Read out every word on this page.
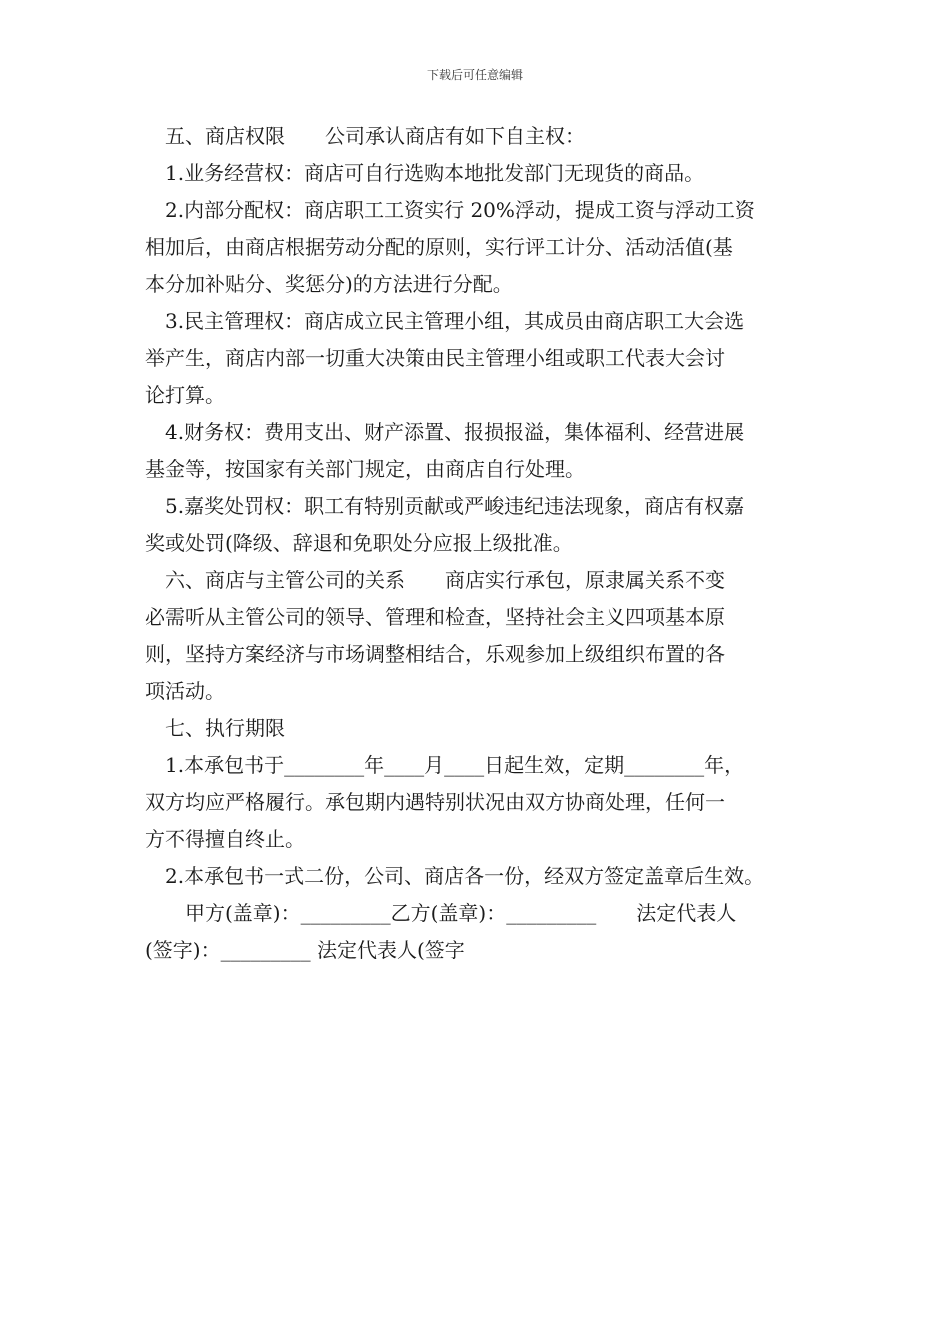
下载后可任意编辑
　五、商店权限　　公司承认商店有如下自主权：
　1.业务经营权：商店可自行选购本地批发部门无现货的商品。
　2.内部分配权：商店职工工资实行 20%浮动，提成工资与浮动工资
相加后，由商店根据劳动分配的原则，实行评工计分、活动活值(基
本分加补贴分、奖惩分)的方法进行分配。
　3.民主管理权：商店成立民主管理小组，其成员由商店职工大会选
举产生，商店内部一切重大决策由民主管理小组或职工代表大会讨
论打算。
　4.财务权：费用支出、财产添置、报损报溢，集体福利、经营进展
基金等，按国家有关部门规定，由商店自行处理。
　5.嘉奖处罚权：职工有特别贡献或严峻违纪违法现象，商店有权嘉
奖或处罚(降级、辞退和免职处分应报上级批准。
　六、商店与主管公司的关系　　商店实行承包，原隶属关系不变
必需听从主管公司的领导、管理和检查，坚持社会主义四项基本原
则，坚持方案经济与市场调整相结合，乐观参加上级组织布置的各
项活动。
　七、执行期限
　1.本承包书于________年____月____日起生效，定期________年，
双方均应严格履行。承包期内遇特别状况由双方协商处理，任何一
方不得擅自终止。
　2.本承包书一式二份，公司、商店各一份，经双方签定盖章后生效。
　　甲方(盖章)：_________乙方(盖章)：_________　　法定代表人
(签字)：_________ 法定代表人(签字
